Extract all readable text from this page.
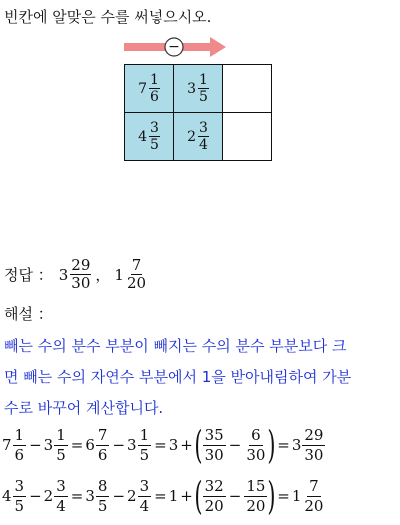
빈칸에 알맞은 수를 써넣으시오.
−
$7 \frac{1}{6}$	$3 \frac{1}{5}$

$4 \frac{3}{5}$	$2 \frac{3}{4}$

정답 ： $3 \frac{29}{30}$ ， $1 \frac{7}{20}$
해설 ：
빼는 수의 분수 부분이 빼지는 수의 분수 부분보다 크
면 빼는 수의 자연수 부분에서 1을 받아내림하여 가분
수로 바꾸어 계산합니다.
$7 \frac{1}{6} - 3 \frac{1}{5} = 6 \frac{7}{6} - 3 \frac{1}{5} = 3$ + ( $\frac{35}{30} - \frac{6}{30}$ ) = $3 \frac{29}{30}$
$4 \frac{3}{5} - 2 \frac{3}{4} = 3 \frac{8}{5} - 2 \frac{3}{4} = 1$ + ( $\frac{32}{20} - \frac{15}{20}$ ) = $1 \frac{7}{20}$
